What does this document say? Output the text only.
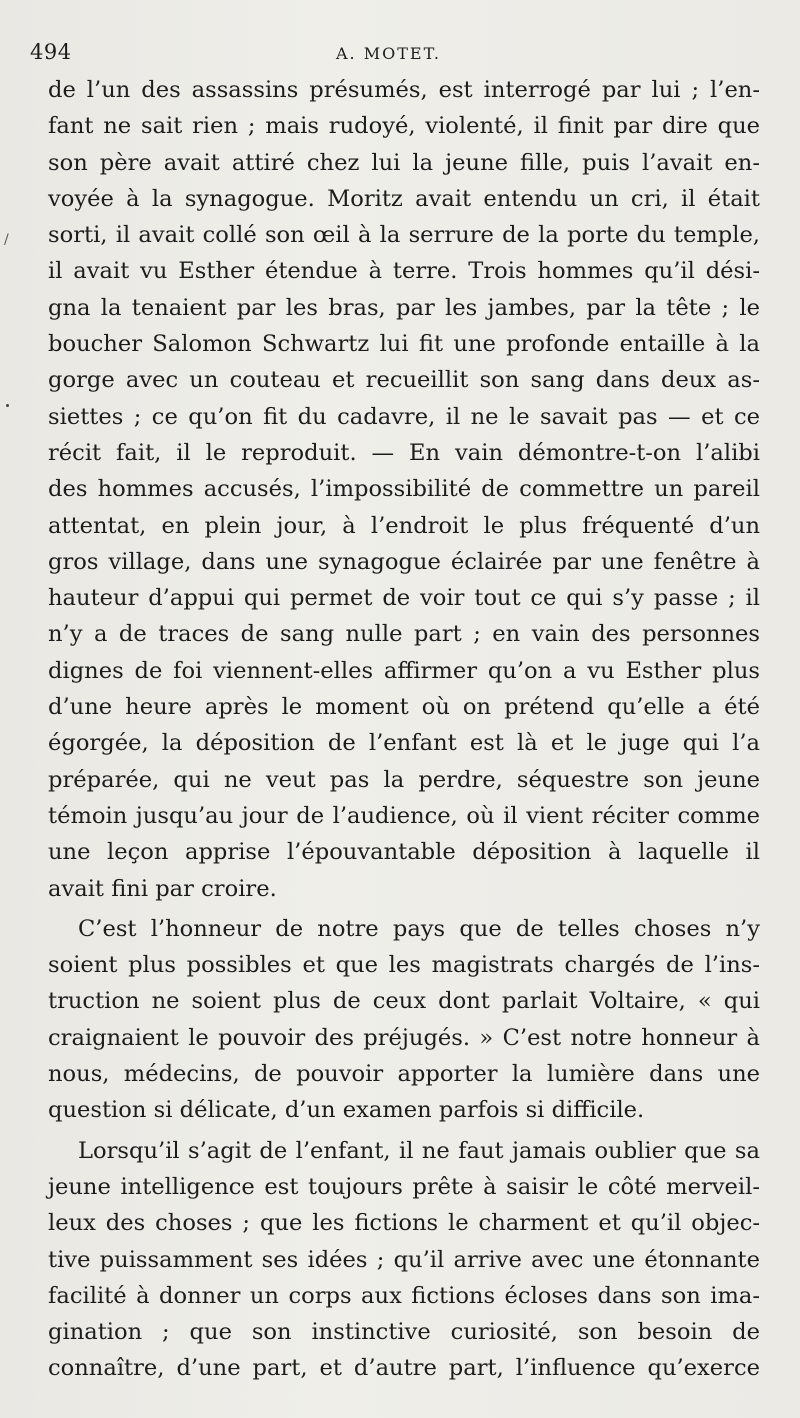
494	A. MOTET.
/
de l’un des assassins présumés, est interrogé par lui ; l’en-
fant ne sait rien ; mais rudoyé, violenté, il finit par dire que
son père avait attiré chez lui la jeune fille, puis l’avait en-
voyée à la synagogue. Moritz avait entendu un cri, il était
sorti, il avait collé son œil à la serrure de la porte du temple,
il avait vu Esther étendue à terre. Trois hommes qu’il dési-
gna la tenaient par les bras, par les jambes, par la tête ; le
boucher Salomon Schwartz lui fit une profonde entaille à la
gorge avec un couteau et recueillit son sang dans deux as-
siettes ; ce qu’on fit du cadavre, il ne le savait pas — et ce
récit fait, il le reproduit. — En vain démontre-t-on l’alibi
des hommes accusés, l’impossibilité de commettre un pareil
attentat, en plein jour, à l’endroit le plus fréquenté d’un
gros village, dans une synagogue éclairée par une fenêtre à
hauteur d’appui qui permet de voir tout ce qui s’y passe ; il
n’y a de traces de sang nulle part ; en vain des personnes
dignes de foi viennent-elles affirmer qu’on a vu Esther plus
d’une heure après le moment où on prétend qu’elle a été
égorgée, la déposition de l’enfant est là et le juge qui l’a
préparée, qui ne veut pas la perdre, séquestre son jeune
témoin jusqu’au jour de l’audience, où il vient réciter comme
une leçon apprise l’épouvantable déposition à laquelle il
avait fini par croire.
C’est l’honneur de notre pays que de telles choses n’y
soient plus possibles et que les magistrats chargés de l’ins-
truction ne soient plus de ceux dont parlait Voltaire, « qui
craignaient le pouvoir des préjugés. » C’est notre honneur à
nous, médecins, de pouvoir apporter la lumière dans une
question si délicate, d’un examen parfois si difficile.
Lorsqu’il s’agit de l’enfant, il ne faut jamais oublier que sa
jeune intelligence est toujours prête à saisir le côté merveil-
leux des choses ; que les fictions le charment et qu’il objec-
tive puissamment ses idées ; qu’il arrive avec une étonnante
facilité à donner un corps aux fictions écloses dans son ima-
gination ; que son instinctive curiosité, son besoin de
connaître, d’une part, et d’autre part, l’influence qu’exerce
